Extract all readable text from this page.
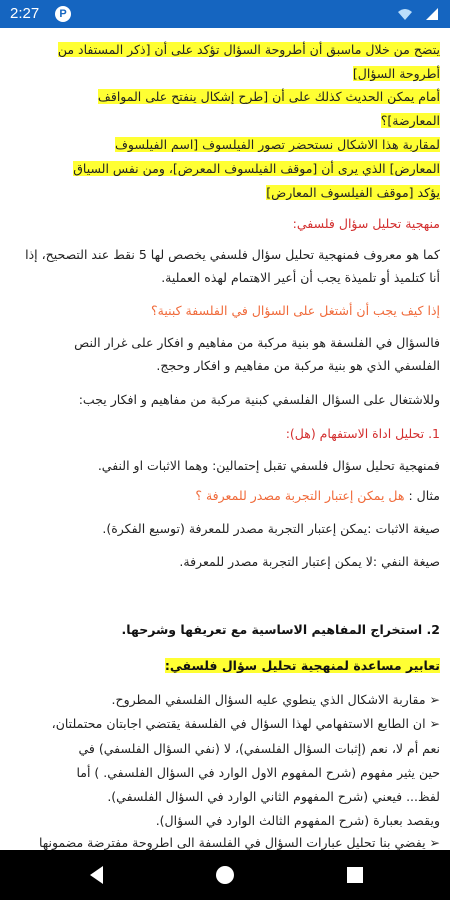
2:27	P

يتضح من خلال ماسبق أن أطروحة السؤال تؤكد على أن [ذكر المستفاد من
أطروحة السؤال]
أمام يمكن الحديث كذلك على أن [طرح إشكال ينفتح على المواقف
المعارضة]؟
لمقاربة هذا الاشكال نستحضر تصور الفيلسوف [اسم الفيلسوف
المعارض] الذي يرى أن [موقف الفيلسوف المعرض]، ومن نفس السياق
يؤكد [موقف الفيلسوف المعارض]
منهجية تحليل سؤال فلسفي:
كما هو معروف فمنهجية تحليل سؤال فلسفي يخصص لها 5 نقط عند التصحيح، إذا
أنا كتلميذ أو تلميذة يجب أن أعير الاهتمام لهذه العملية.
إذا كيف يجب أن أشتغل على السؤال في الفلسفة كبنية؟
فالسؤال في الفلسفة هو بنية مركبة من مفاهيم و افكار على غرار النص
الفلسفي الذي هو بنية مركبة من مفاهيم و افكار وحجج.
وللاشتغال على السؤال الفلسفي كبنية مركبة من مفاهيم و افكار يجب:
1. تحليل اداة الاستفهام (هل):
فمنهجية تحليل سؤال فلسفي تقبل إحتمالين: وهما الاثبات او النفي.
مثال : هل يمكن إعتبار التجربة مصدر للمعرفة ؟
صيغة الاثبات :يمكن إعتبار التجربة مصدر للمعرفة (توسيع الفكرة).
صيغة النفي :لا يمكن إعتبار التجربة مصدر للمعرفة.
2. استخراج المفاهيم الاساسية مع تعريفها وشرحها.
تعابير مساعدة لمنهجية تحليل سؤال فلسفي:
➢ مقاربة الاشكال الذي ينطوي عليه السؤال الفلسفي المطروح.
➢ ان الطابع الاستفهامي لهذا السؤال في الفلسفة يقتضي اجابتان محتملتان،
نعم أم لا، نعم (إثبات السؤال الفلسفي)، لا (نفي السؤال الفلسفي) في
حين يثير مفهوم (شرح المفهوم الاول الوارد في السؤال الفلسفي. ) أما
لفظ... فيعني (شرح المفهوم الثاني الوارد في السؤال الفلسفي).
ويقصد بعبارة (شرح المفهوم الثالث الوارد في السؤال).
➢ يفضي بنا تحليل عبارات السؤال في الفلسفة الى اطروحة مفترضة مضمونها
